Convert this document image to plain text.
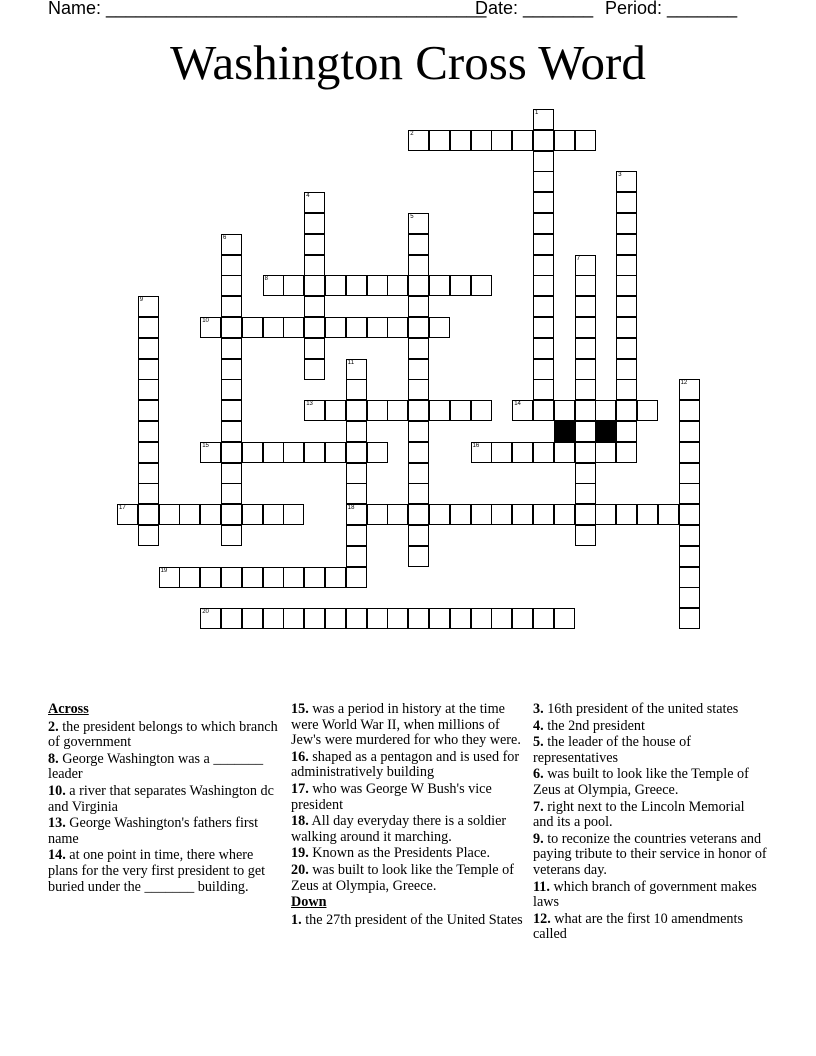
Name: ______________________________________
Date: _______ Period: _______
Washington Cross Word
1
2
3
4
5
6
7
8
9
10
11
18
12
13	14
15	16
17
19
20
Across
2. the president belongs to which branch of government
8. George Washington was a _______ leader
10. a river that separates Washington dc and Virginia
13. George Washington's fathers first name
14. at one point in time, there where plans for the very first president to get buried under the _______ building.
15. was a period in history at the time were World War II, when millions of Jew's were murdered for who they were.
16. shaped as a pentagon and is used for administratively building
17. who was George W Bush's vice president
18. All day everyday there is a soldier walking around it marching.
19. Known as the Presidents Place.
20. was built to look like the Temple of Zeus at Olympia, Greece.
Down
1. the 27th president of the United States
3. 16th president of the united states
4. the 2nd president
5. the leader of the house of representatives
6. was built to look like the Temple of Zeus at Olympia, Greece.
7. right next to the Lincoln Memorial and its a pool.
9. to reconize the countries veterans and paying tribute to their service in honor of veterans day.
11. which branch of government makes laws
12. what are the first 10 amendments called
